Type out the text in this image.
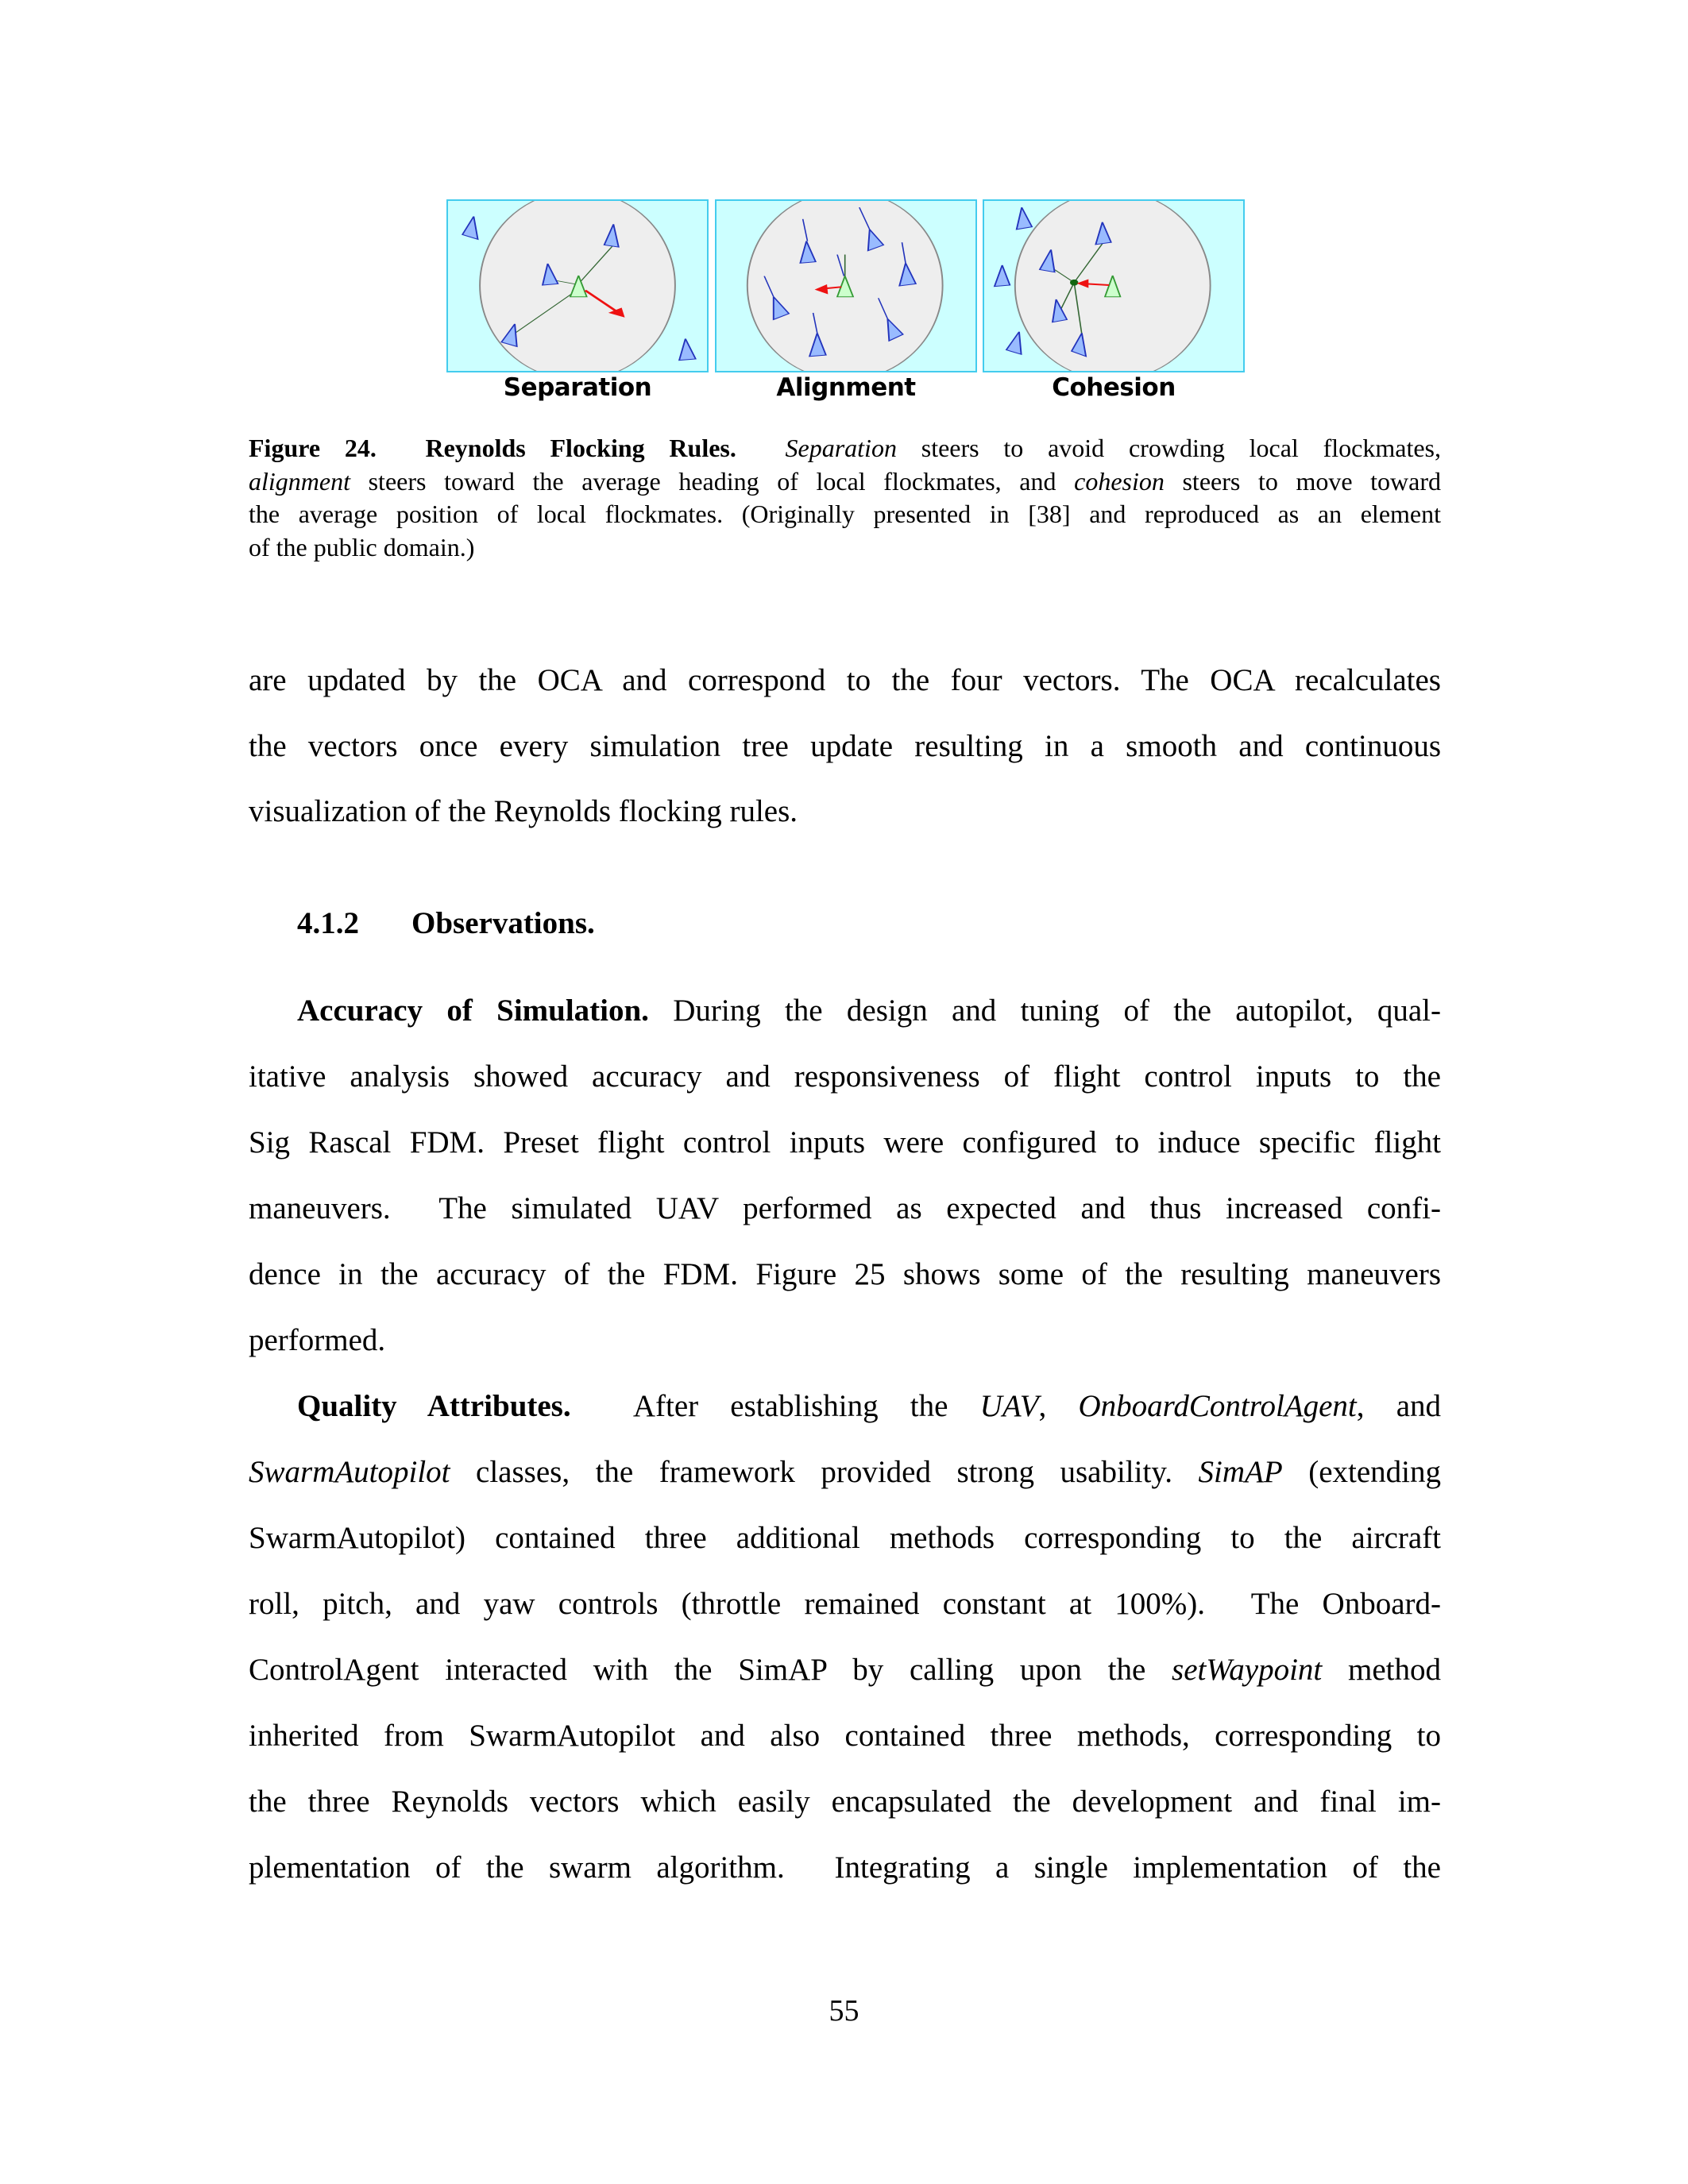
Separation	Alignment	Cohesion
Figure 24.  Reynolds Flocking Rules. Separation steers to avoid crowding local flockmates,
alignment steers toward the average heading of local flockmates, and cohesion steers to move toward
the average position of local flockmates. (Originally presented in [38] and reproduced as an element
of the public domain.)
are updated by the OCA and correspond to the four vectors. The OCA recalculates
the vectors once every simulation tree update resulting in a smooth and continuous
visualization of the Reynolds flocking rules.
4.1.2 Observations.
Accuracy of Simulation. During the design and tuning of the autopilot, qual-
itative analysis showed accuracy and responsiveness of flight control inputs to the
Sig Rascal FDM. Preset flight control inputs were configured to induce specific flight
maneuvers.  The simulated UAV performed as expected and thus increased confi-
dence in the accuracy of the FDM. Figure 25 shows some of the resulting maneuvers
performed.
Quality Attributes.  After establishing the UAV, OnboardControlAgent, and
SwarmAutopilot classes, the framework provided strong usability. SimAP (extending
SwarmAutopilot) contained three additional methods corresponding to the aircraft
roll, pitch, and yaw controls (throttle remained constant at 100%).  The Onboard-
ControlAgent interacted with the SimAP by calling upon the setWaypoint method
inherited from SwarmAutopilot and also contained three methods, corresponding to
the three Reynolds vectors which easily encapsulated the development and final im-
plementation of the swarm algorithm.  Integrating a single implementation of the
55
